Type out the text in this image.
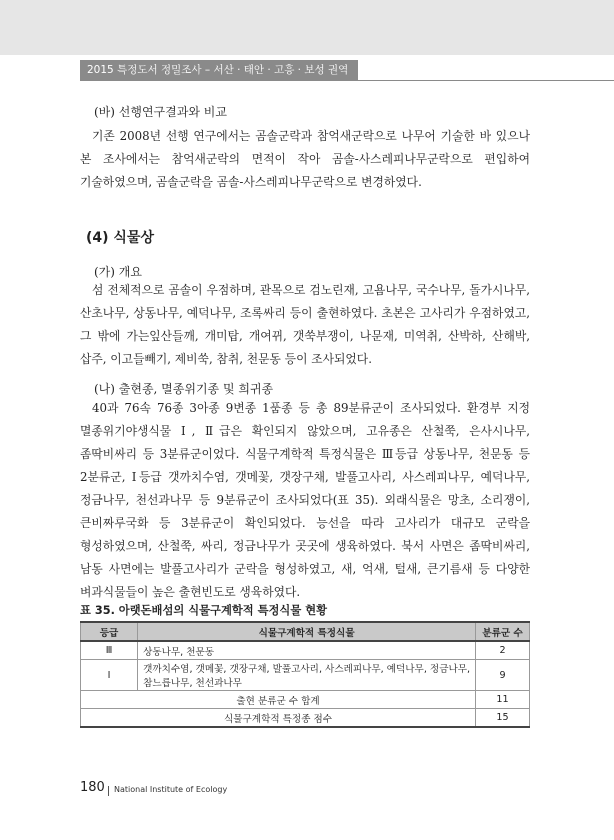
2015 특정도서 정밀조사 – 서산 · 태안 · 고흥 · 보성 권역
(바) 선행연구결과와 비교
기존 2008년 선행 연구에서는 곰솔군락과 참억새군락으로 나무어 기술한 바 있으나
본 조사에서는 참억새군락의 면적이 작아 곰솔-사스레피나무군락으로 편입하여
기술하였으며, 곰솔군락을 곰솔-사스레피나무군락으로 변경하였다.
(4) 식물상
(가) 개요
섬 전체적으로 곰솔이 우점하며, 관목으로 검노린재, 고욤나무, 국수나무, 돌가시나무,
산초나무, 상동나무, 예덕나무, 조록싸리 등이 출현하였다. 초본은 고사리가 우점하였고,
그 밖에 가는잎산들깨, 개미탑, 개여뀌, 갯쑥부쟁이, 나문재, 미역취, 산박하, 산해박,
삽주, 이고들빼기, 제비쑥, 참취, 천문동 등이 조사되었다.
(나) 출현종, 멸종위기종 및 희귀종
40과 76속 76종 3아종 9변종 1품종 등 총 89분류군이 조사되었다. 환경부 지정
멸종위기야생식물 Ⅰ, Ⅱ급은 확인되지 않았으며, 고유종은 산철쭉, 은사시나무,
좀딱비싸리 등 3분류군이었다. 식물구계학적 특정식물은 Ⅲ등급 상동나무, 천문동 등
2분류군, Ⅰ등급 갯까치수염, 갯메꽃, 갯장구채, 발풀고사리, 사스레피나무, 예덕나무,
정금나무, 천선과나무 등 9분류군이 조사되었다(표 35). 외래식물은 망초, 소리쟁이,
큰비짜루국화 등 3분류군이 확인되었다. 능선을 따라 고사리가 대규모 군락을
형성하였으며, 산철쭉, 싸리, 정금나무가 곳곳에 생육하였다. 북서 사면은 좀딱비싸리,
남동 사면에는 발풀고사리가 군락을 형성하였고, 새, 억새, 털새, 큰기름새 등 다양한
벼과식물들이 높은 출현빈도로 생육하였다.
표 35. 아랫돈배섬의 식물구계학적 특정식물 현황
등급	식물구계학적 특정식물	분류군 수
Ⅲ	상동나무, 천문동	2
Ⅰ	갯까치수염, 갯메꽃, 갯장구채, 발풀고사리, 사스레피나무, 예덕나무, 정금나무,
참느릅나무, 천선과나무	9
출현 분류군 수 합계		11
식물구계학적 특정종 점수		15
180 National Institute of Ecology
